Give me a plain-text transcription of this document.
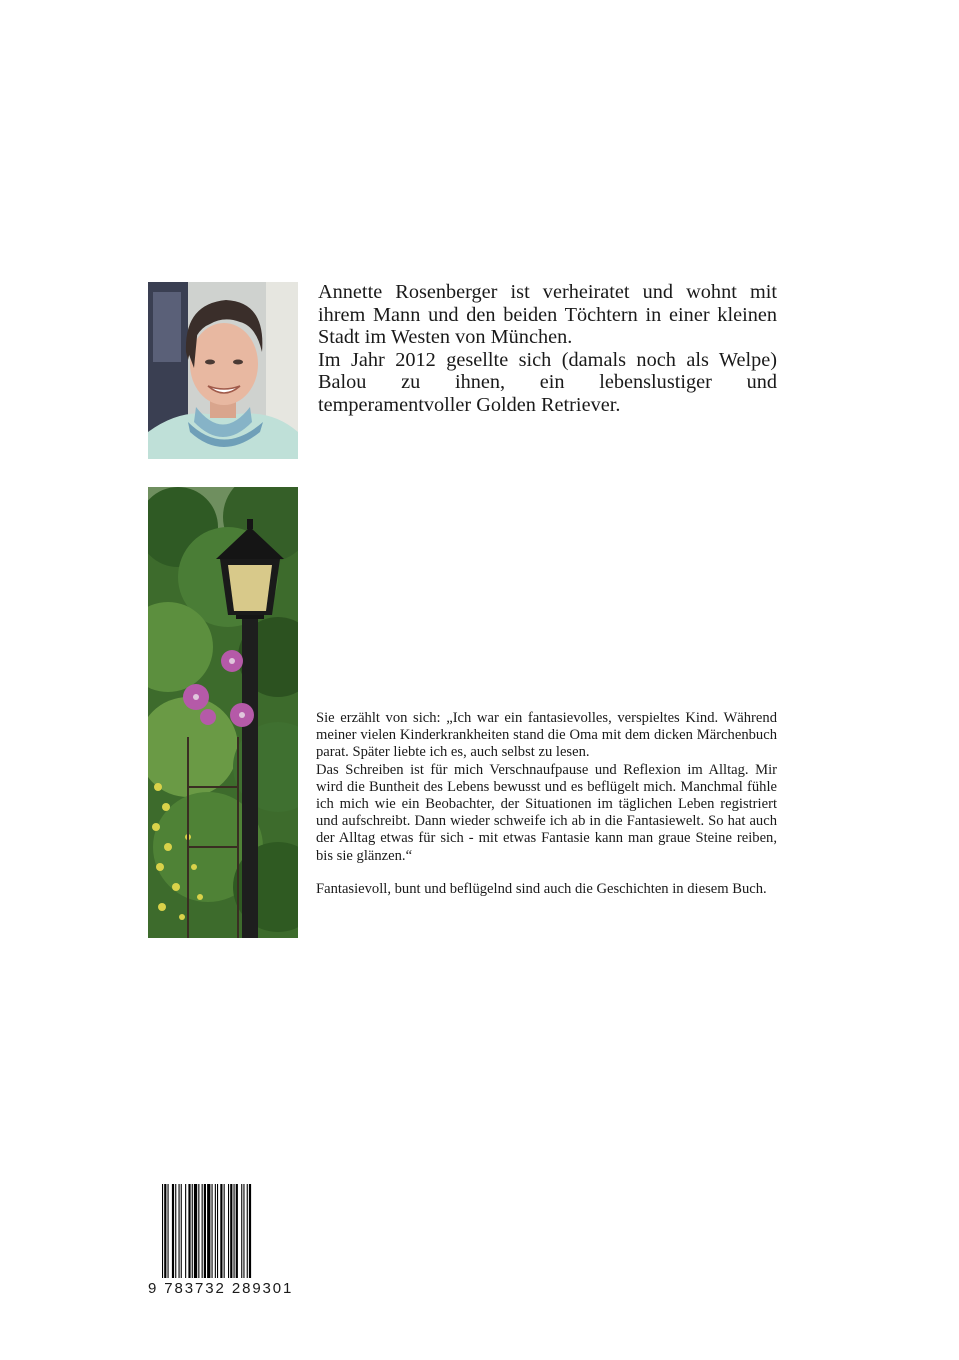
Annette Rosenberger ist verheiratet und wohnt mit ihrem Mann und den beiden Töchtern in einer kleinen Stadt im Westen von München.

Im Jahr 2012 gesellte sich (damals noch als Welpe) Balou zu ihnen, ein lebenslustiger und temperamentvoller Golden Retriever.

Sie erzählt von sich: „Ich war ein fantasievolles, verspieltes Kind. Während meiner vielen Kinderkrankheiten stand die Oma mit dem dicken Märchenbuch parat. Später liebte ich es, auch selbst zu lesen.

Das Schreiben ist für mich Verschnaufpause und Reflexion im Alltag. Mir wird die Buntheit des Lebens bewusst und es beflügelt mich. Manchmal fühle ich mich wie ein Beobachter, der Situationen im täglichen Leben registriert und aufschreibt. Dann wieder schweife ich ab in die Fantasiewelt. So hat auch der Alltag etwas für sich - mit etwas Fantasie kann man graue Steine reiben, bis sie glänzen.“

Fantasievoll, bunt und beflügelnd sind auch die Geschichten in diesem Buch.

9 783732 289301
